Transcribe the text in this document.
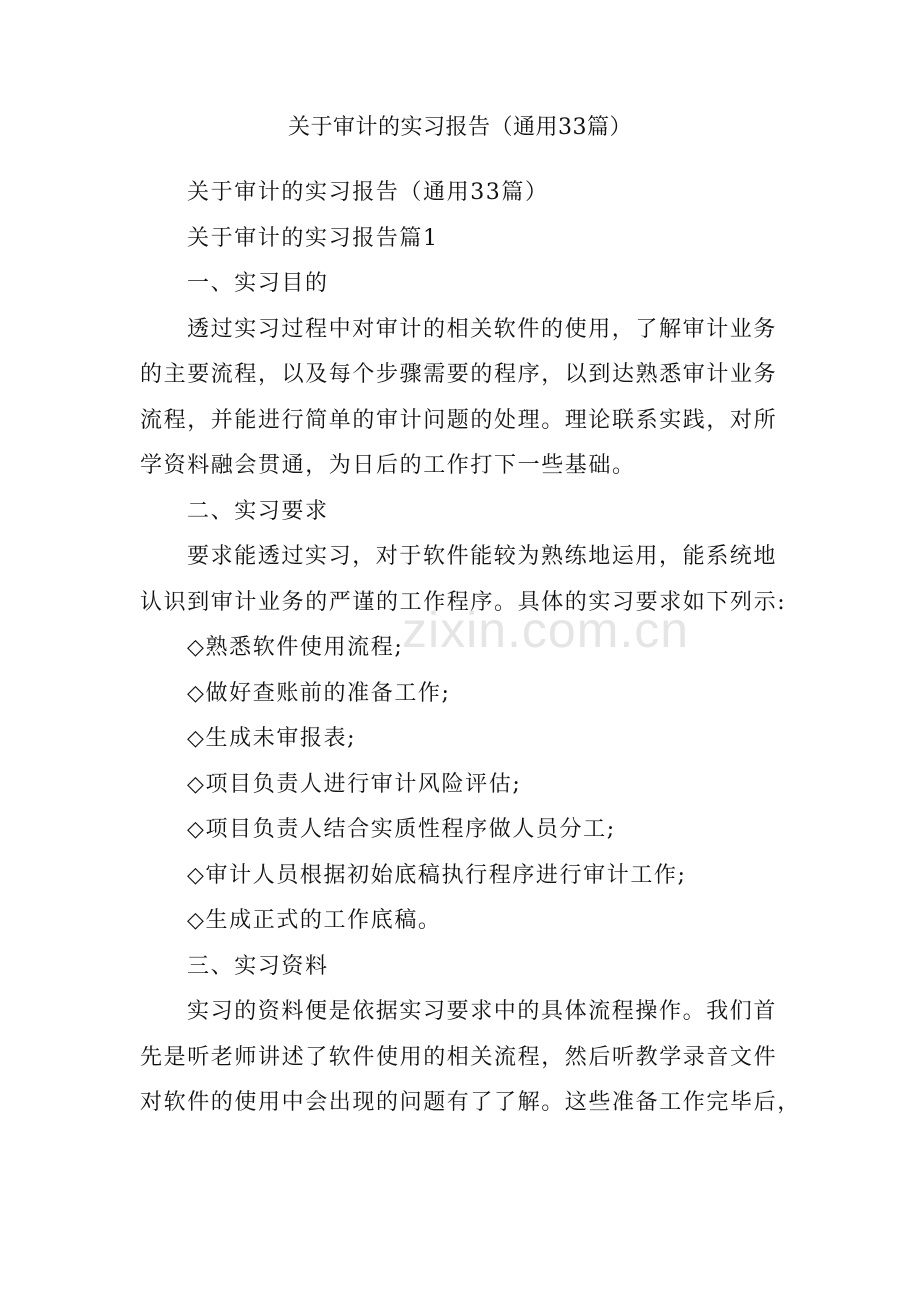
关于审计的实习报告（通用33篇）
关于审计的实习报告（通用33篇）
关于审计的实习报告篇1
一、实习目的
透过实习过程中对审计的相关软件的使用，了解审计业务
的主要流程，以及每个步骤需要的程序，以到达熟悉审计业务
流程，并能进行简单的审计问题的处理。理论联系实践，对所
学资料融会贯通，为日后的工作打下一些基础。
二、实习要求
要求能透过实习，对于软件能较为熟练地运用，能系统地
认识到审计业务的严谨的工作程序。具体的实习要求如下列示:
◇熟悉软件使用流程;
◇做好查账前的准备工作;
◇生成未审报表;
◇项目负责人进行审计风险评估;
◇项目负责人结合实质性程序做人员分工;
◇审计人员根据初始底稿执行程序进行审计工作;
◇生成正式的工作底稿。
三、实习资料
实习的资料便是依据实习要求中的具体流程操作。我们首
先是听老师讲述了软件使用的相关流程，然后听教学录音文件
对软件的使用中会出现的问题有了了解。这些准备工作完毕后，
zixin.com.cn
